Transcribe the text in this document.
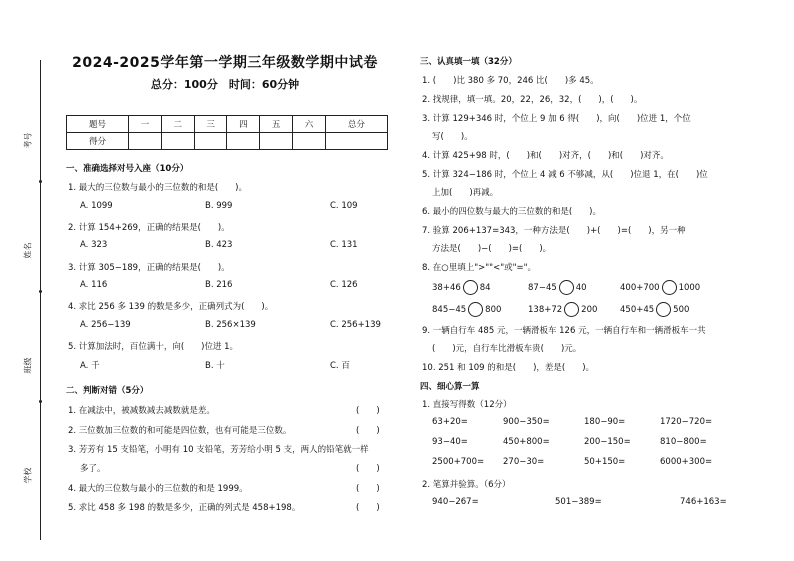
考号
姓名
班级
学校
2024-2025学年第一学期三年级数学期中试卷
总分：100分　时间：60分钟
题号	一	二	三	四	五	六	总分
得分							
一、准确选择对号入座（10分）
1. 最大的三位数与最小的三位数的和是(　　)。
A. 1099	B. 999	C. 109
2. 计算 154+269，正确的结果是(　　)。
A. 323	B. 423	C. 131
3. 计算 305−189，正确的结果是(　　)。
A. 116	B. 216	C. 126
4. 求比 256 多 139 的数是多少，正确列式为(　　)。
A. 256−139	B. 256×139	C. 256+139
5. 计算加法时，百位满十，向(　　)位进 1。
A. 千	B. 十	C. 百
二、判断对错（5分）
1. 在减法中，被减数减去减数就是差。	(　　)
2. 三位数加三位数的和可能是四位数，也有可能是三位数。	(　　)
3. 芳芳有 15 支铅笔，小明有 10 支铅笔，芳芳给小明 5 支，两人的铅笔就一样
多了。	(　　)
4. 最大的三位数与最小的三位数的和是 1999。	(　　)
5. 求比 458 多 198 的数是多少，正确的列式是 458+198。	(　　)
三、认真填一填（32分）
1. (　　)比 380 多 70，246 比(　　)多 45。
2. 找规律，填一填。20，22，26，32，(　　)，(　　)。
3. 计算 129+346 时，个位上 9 加 6 得(　　)，向(　　)位进 1，个位
写(　　)。
4. 计算 425+98 时，(　　)和(　　)对齐，(　　)和(　　)对齐。
5. 计算 324−186 时，个位上 4 减 6 不够减，从(　　)位退 1，在(　　)位
上加(　　)再减。
6. 最小的四位数与最大的三位数的和是(　　)。
7. 验算 206+137=343，一种方法是(　　)+(　　)=(　　)，另一种
方法是(　　)−(　　)=(　　)。
8. 在○里填上">""<"或"="。
38+46 84	87−45 40	400+700 1000
845−45 800	138+72 200	450+45 500
9. 一辆自行车 485 元，一辆滑板车 126 元，一辆自行车和一辆滑板车一共
(　　)元，自行车比滑板车贵(　　)元。
10. 251 和 109 的和是(　　)，差是(　　)。
四、细心算一算
1. 直接写得数（12分）
63+20=	900−350=	180−90=	1720−720=
93−40=	450+800=	200−150=	810−800=
2500+700= 270−30=	50+150=	6000+300=
2. 笔算并验算。（6分）
940−267=	501−389=	746+163=
